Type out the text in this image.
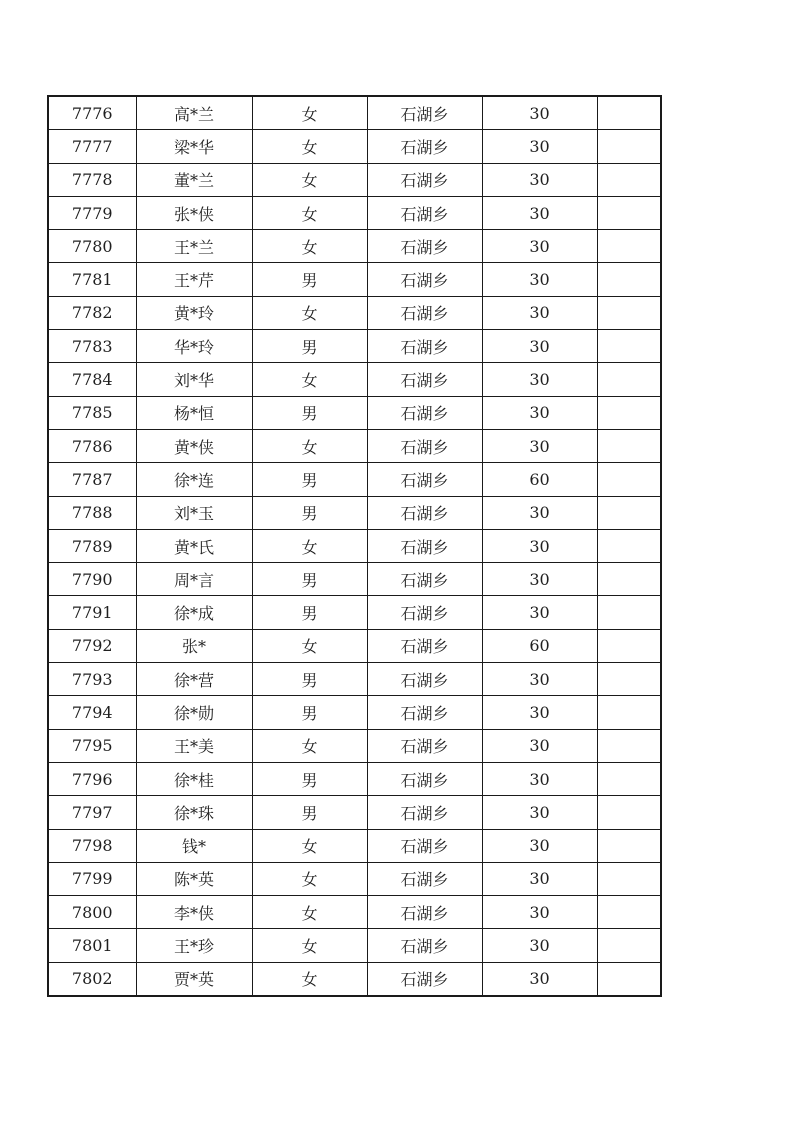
7776	高*兰	女	石湖乡	30	
7777	梁*华	女	石湖乡	30	
7778	董*兰	女	石湖乡	30	
7779	张*侠	女	石湖乡	30	
7780	王*兰	女	石湖乡	30	
7781	王*芹	男	石湖乡	30	
7782	黄*玲	女	石湖乡	30	
7783	华*玲	男	石湖乡	30	
7784	刘*华	女	石湖乡	30	
7785	杨*恒	男	石湖乡	30	
7786	黄*侠	女	石湖乡	30	
7787	徐*连	男	石湖乡	60	
7788	刘*玉	男	石湖乡	30	
7789	黄*氏	女	石湖乡	30	
7790	周*言	男	石湖乡	30	
7791	徐*成	男	石湖乡	30	
7792	张*	女	石湖乡	60	
7793	徐*营	男	石湖乡	30	
7794	徐*勋	男	石湖乡	30	
7795	王*美	女	石湖乡	30	
7796	徐*桂	男	石湖乡	30	
7797	徐*珠	男	石湖乡	30	
7798	钱*	女	石湖乡	30	
7799	陈*英	女	石湖乡	30	
7800	李*侠	女	石湖乡	30	
7801	王*珍	女	石湖乡	30	
7802	贾*英	女	石湖乡	30	
